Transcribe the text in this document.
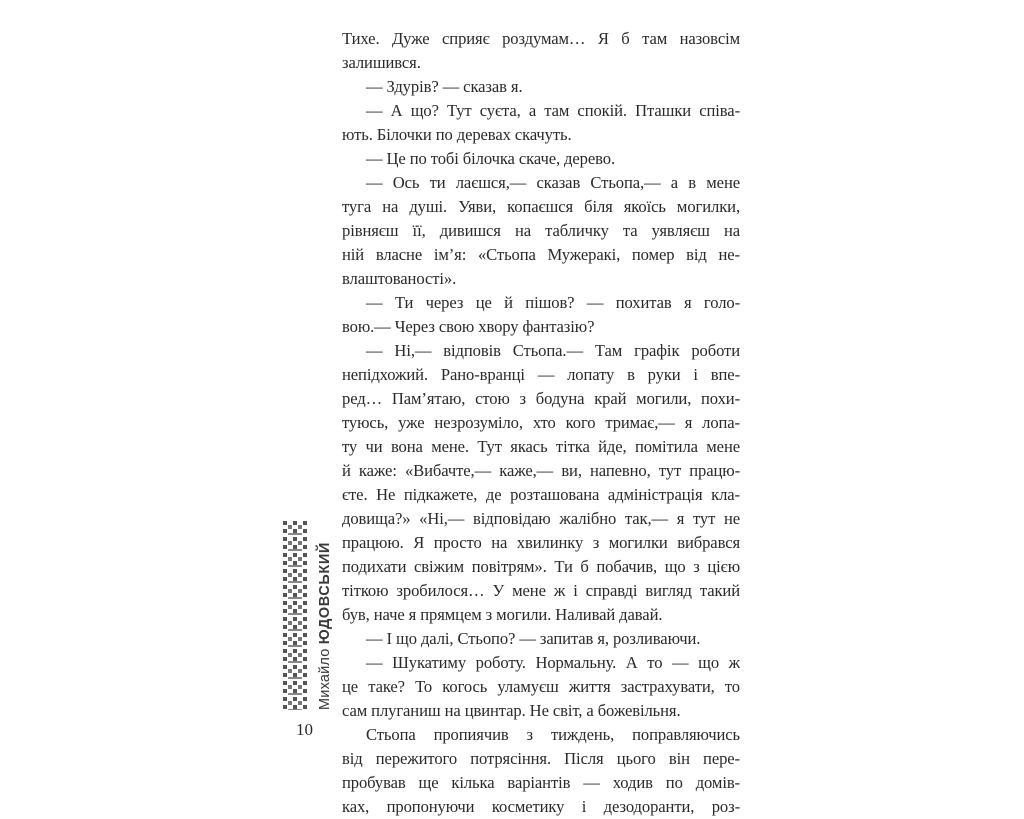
Тихе. Дуже сприяє роздумам… Я б там назовсім
залишився.
— Здурів? — сказав я.
— А що? Тут суєта, а там спокій. Пташки співа-
ють. Білочки по деревах скачуть.
— Це по тобі білочка скаче, дерево.
— Ось ти лаєшся,— сказав Стьопа,— а в мене
туга на душі. Уяви, копаєшся біля якоїсь могилки,
рівняєш її, дивишся на табличку та уявляєш на
ній власне ім’я: «Стьопа Мужеракі, помер від не-
влаштованості».
— Ти через це й пішов? — похитав я голо-
вою.— Через свою хвору фантазію?
— Ні,— відповів Стьопа.— Там графік роботи
непідхожий. Рано-вранці — лопату в руки і впе-
ред… Пам’ятаю, стою з бодуна край могили, похи-
туюсь, уже незрозуміло, хто кого тримає,— я лопа-
ту чи вона мене. Тут якась тітка йде, помітила мене
й каже: «Вибачте,— каже,— ви, напевно, тут працю-
єте. Не підкажете, де розташована адміністрація кла-
довища?» «Ні,— відповідаю жалібно так,— я тут не
працюю. Я просто на хвилинку з могилки вибрався
подихати свіжим повітрям». Ти б побачив, що з цією
тіткою зробилося… У мене ж і справді вигляд такий
був, наче я прямцем з могили. Наливай давай.
— І що далі, Стьопо? — запитав я, розливаючи.
— Шукатиму роботу. Нормальну. А то — що ж
це таке? То когось уламуєш життя застрахувати, то
сам плуганиш на цвинтар. Не світ, а божевільня.
Стьопа пропиячив з тиждень, поправляючись
від пережитого потрясіння. Після цього він пере-
пробував ще кілька варіантів — ходив по домів-
ках, пропонуючи косметику і дезодоранти, роз-
Михайло ЮДОВСЬКИЙ
10
